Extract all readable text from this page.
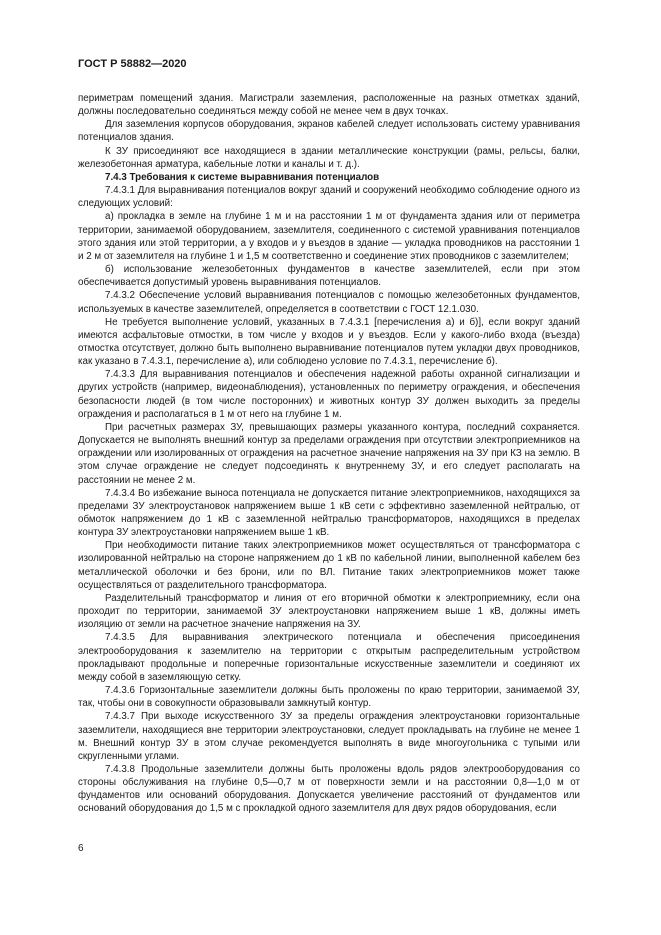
ГОСТ Р 58882—2020

периметрам помещений здания. Магистрали заземления, расположенные на разных отметках зданий, должны последовательно соединяться между собой не менее чем в двух точках.

Для заземления корпусов оборудования, экранов кабелей следует использовать систему уравнивания потенциалов здания.

К ЗУ присоединяют все находящиеся в здании металлические конструкции (рамы, рельсы, балки, железобетонная арматура, кабельные лотки и каналы и т. д.).

7.4.3 Требования к системе выравнивания потенциалов

7.4.3.1 Для выравнивания потенциалов вокруг зданий и сооружений необходимо соблюдение одного из следующих условий:

а) прокладка в земле на глубине 1 м и на расстоянии 1 м от фундамента здания или от периметра территории, занимаемой оборудованием, заземлителя, соединенного с системой уравнивания потенциалов этого здания или этой территории, а у входов и у въездов в здание — укладка проводников на расстоянии 1 и 2 м от заземлителя на глубине 1 и 1,5 м соответственно и соединение этих проводников с заземлителем;

б) использование железобетонных фундаментов в качестве заземлителей, если при этом обеспечивается допустимый уровень выравнивания потенциалов.

7.4.3.2 Обеспечение условий выравнивания потенциалов с помощью железобетонных фундаментов, используемых в качестве заземлителей, определяется в соответствии с ГОСТ 12.1.030.

Не требуется выполнение условий, указанных в 7.4.3.1 [перечисления а) и б)], если вокруг зданий имеются асфальтовые отмостки, в том числе у входов и у въездов. Если у какого-либо входа (въезда) отмостка отсутствует, должно быть выполнено выравнивание потенциалов путем укладки двух проводников, как указано в 7.4.3.1, перечисление а), или соблюдено условие по 7.4.3.1, перечисление б).

7.4.3.3 Для выравнивания потенциалов и обеспечения надежной работы охранной сигнализации и других устройств (например, видеонаблюдения), установленных по периметру ограждения, и обеспечения безопасности людей (в том числе посторонних) и животных контур ЗУ должен выходить за пределы ограждения и располагаться в 1 м от него на глубине 1 м.

При расчетных размерах ЗУ, превышающих размеры указанного контура, последний сохраняется. Допускается не выполнять внешний контур за пределами ограждения при отсутствии электроприемников на ограждении или изолированных от ограждения на расчетное значение напряжения на ЗУ при КЗ на землю. В этом случае ограждение не следует подсоединять к внутреннему ЗУ, и его следует располагать на расстоянии не менее 2 м.

7.4.3.4 Во избежание выноса потенциала не допускается питание электроприемников, находящихся за пределами ЗУ электроустановок напряжением выше 1 кВ сети с эффективно заземленной нейтралью, от обмоток напряжением до 1 кВ с заземленной нейтралью трансформаторов, находящихся в пределах контура ЗУ электроустановки напряжением выше 1 кВ.

При необходимости питание таких электроприемников может осуществляться от трансформатора с изолированной нейтралью на стороне напряжением до 1 кВ по кабельной линии, выполненной кабелем без металлической оболочки и без брони, или по ВЛ. Питание таких электроприемников может также осуществляться от разделительного трансформатора.

Разделительный трансформатор и линия от его вторичной обмотки к электроприемнику, если она проходит по территории, занимаемой ЗУ электроустановки напряжением выше 1 кВ, должны иметь изоляцию от земли на расчетное значение напряжения на ЗУ.

7.4.3.5 Для выравнивания электрического потенциала и обеспечения присоединения электрооборудования к заземлителю на территории с открытым распределительным устройством прокладывают продольные и поперечные горизонтальные искусственные заземлители и соединяют их между собой в заземляющую сетку.

7.4.3.6 Горизонтальные заземлители должны быть проложены по краю территории, занимаемой ЗУ, так, чтобы они в совокупности образовывали замкнутый контур.

7.4.3.7 При выходе искусственного ЗУ за пределы ограждения электроустановки горизонтальные заземлители, находящиеся вне территории электроустановки, следует прокладывать на глубине не менее 1 м. Внешний контур ЗУ в этом случае рекомендуется выполнять в виде многоугольника с тупыми или скругленными углами.

7.4.3.8 Продольные заземлители должны быть проложены вдоль рядов электрооборудования со стороны обслуживания на глубине 0,5—0,7 м от поверхности земли и на расстоянии 0,8—1,0 м от фундаментов или оснований оборудования. Допускается увеличение расстояний от фундаментов или оснований оборудования до 1,5 м с прокладкой одного заземлителя для двух рядов оборудования, если

6
